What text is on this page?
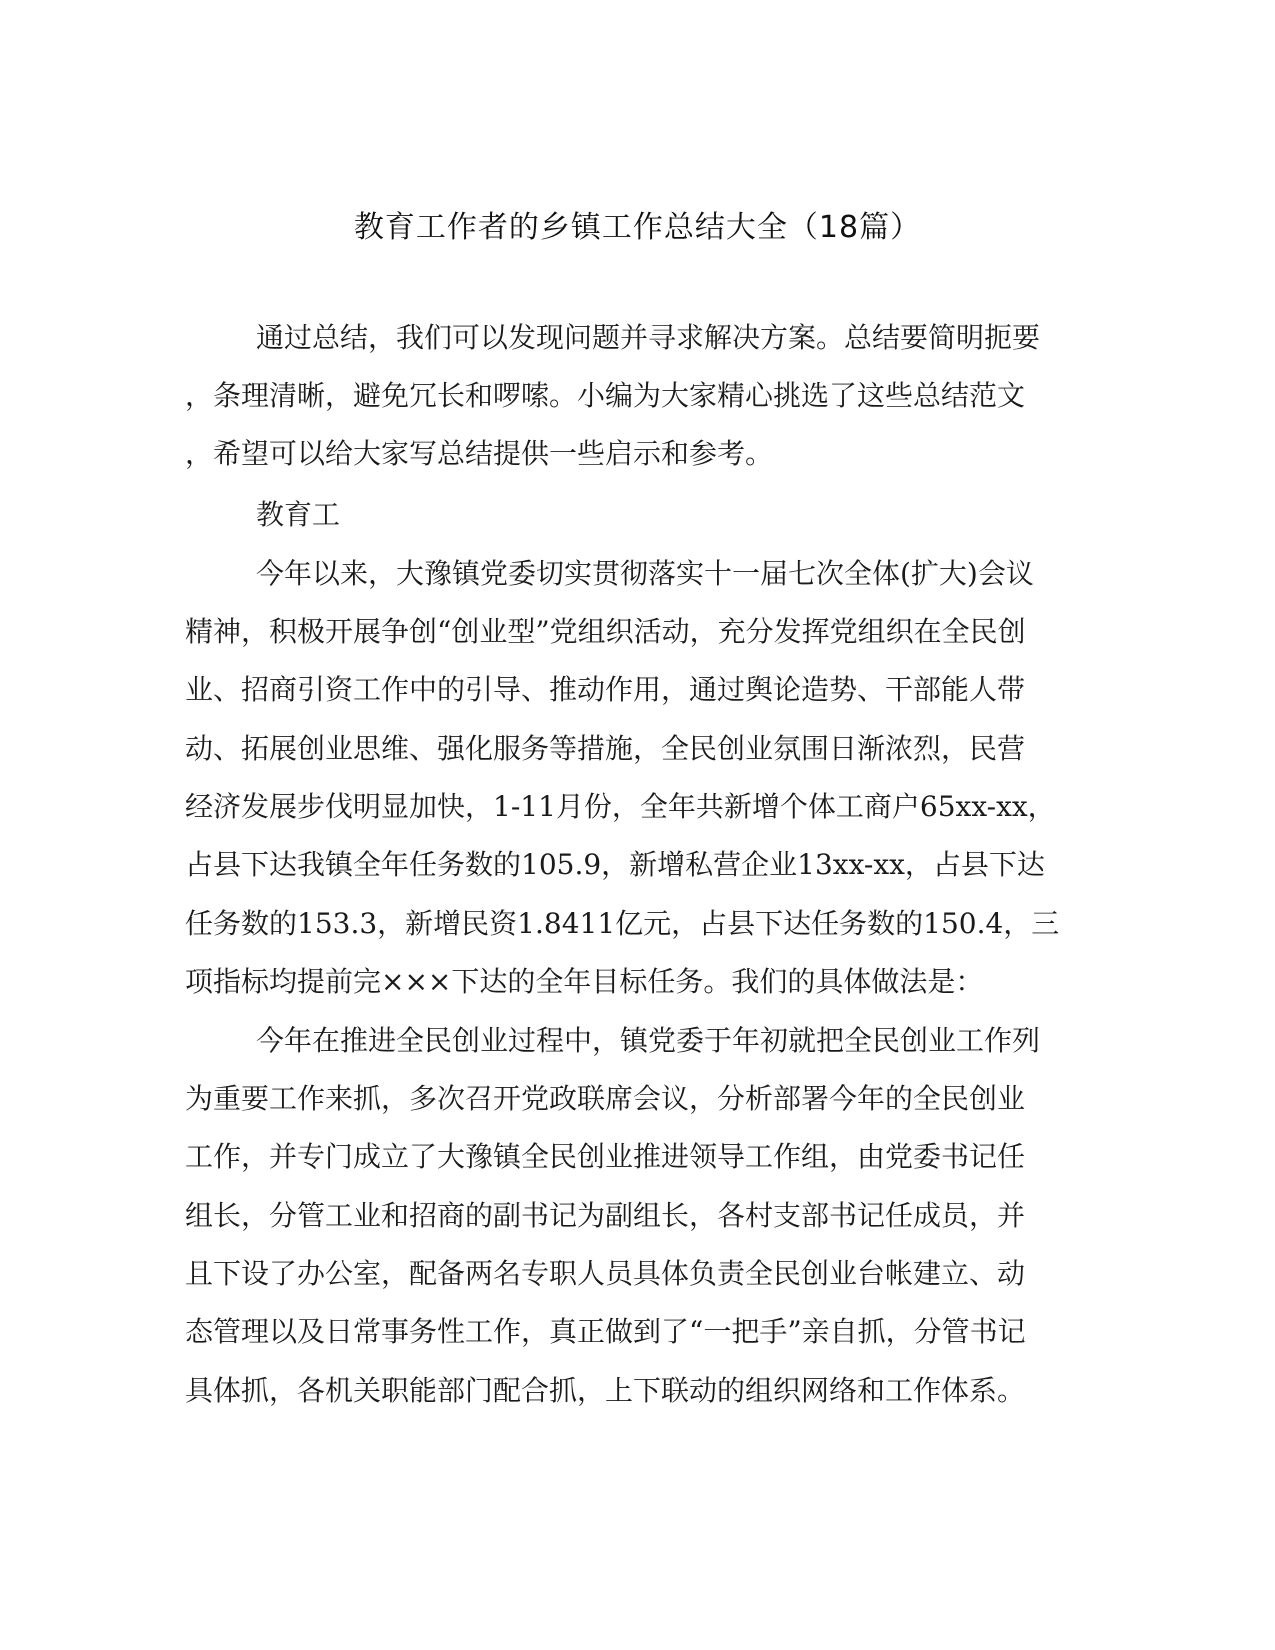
教育工作者的乡镇工作总结大全（18篇）
通过总结，我们可以发现问题并寻求解决方案。总结要简明扼要
，条理清晰，避免冗长和啰嗦。小编为大家精心挑选了这些总结范文
，希望可以给大家写总结提供一些启示和参考。
教育工
今年以来，大豫镇党委切实贯彻落实十一届七次全体(扩大)会议
精神，积极开展争创“创业型”党组织活动，充分发挥党组织在全民创
业、招商引资工作中的引导、推动作用，通过舆论造势、干部能人带
动、拓展创业思维、强化服务等措施，全民创业氛围日渐浓烈，民营
经济发展步伐明显加快，1-11月份，全年共新增个体工商户65xx-xx，
占县下达我镇全年任务数的105.9，新增私营企业13xx-xx，占县下达
任务数的153.3，新增民资1.8411亿元，占县下达任务数的150.4，三
项指标均提前完×××下达的全年目标任务。我们的具体做法是：
今年在推进全民创业过程中，镇党委于年初就把全民创业工作列
为重要工作来抓，多次召开党政联席会议，分析部署今年的全民创业
工作，并专门成立了大豫镇全民创业推进领导工作组，由党委书记任
组长，分管工业和招商的副书记为副组长，各村支部书记任成员，并
且下设了办公室，配备两名专职人员具体负责全民创业台帐建立、动
态管理以及日常事务性工作，真正做到了“一把手”亲自抓，分管书记
具体抓，各机关职能部门配合抓，上下联动的组织网络和工作体系。
